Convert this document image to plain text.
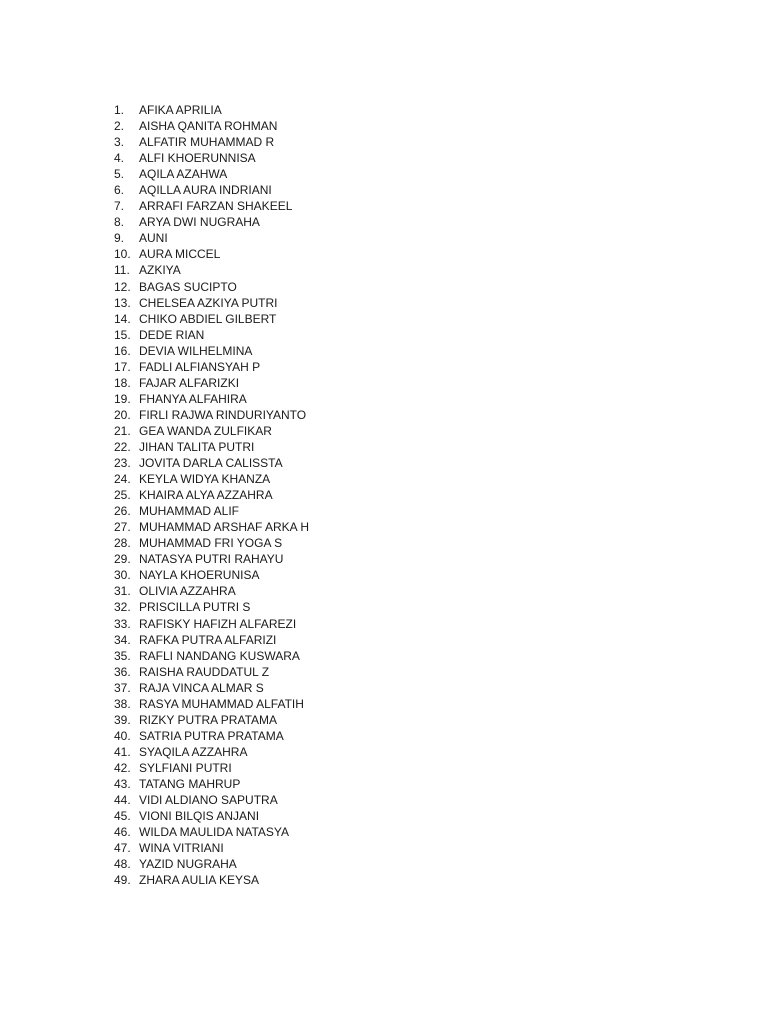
1.	AFIKA APRILIA
2.	AISHA QANITA ROHMAN
3.	ALFATIR MUHAMMAD R
4.	ALFI KHOERUNNISA
5.	AQILA AZAHWA
6.	AQILLA AURA INDRIANI
7.	ARRAFI FARZAN SHAKEEL
8.	ARYA DWI NUGRAHA
9.	AUNI
10. AURA MICCEL
11. AZKIYA
12. BAGAS SUCIPTO
13. CHELSEA AZKIYA PUTRI
14. CHIKO ABDIEL GILBERT
15. DEDE RIAN
16. DEVIA WILHELMINA
17. FADLI ALFIANSYAH P
18. FAJAR ALFARIZKI
19. FHANYA ALFAHIRA
20. FIRLI RAJWA RINDURIYANTO
21. GEA WANDA ZULFIKAR
22. JIHAN TALITA PUTRI
23. JOVITA DARLA CALISSTA
24. KEYLA WIDYA KHANZA
25. KHAIRA ALYA AZZAHRA
26. MUHAMMAD ALIF
27. MUHAMMAD ARSHAF ARKA H
28. MUHAMMAD FRI YOGA S
29. NATASYA PUTRI RAHAYU
30. NAYLA KHOERUNISA
31. OLIVIA AZZAHRA
32. PRISCILLA PUTRI S
33. RAFISKY HAFIZH ALFAREZI
34. RAFKA PUTRA ALFARIZI
35. RAFLI NANDANG KUSWARA
36. RAISHA RAUDDATUL Z
37. RAJA VINCA ALMAR S
38. RASYA MUHAMMAD ALFATIH
39. RIZKY PUTRA PRATAMA
40. SATRIA PUTRA PRATAMA
41. SYAQILA AZZAHRA
42. SYLFIANI PUTRI
43. TATANG MAHRUP
44. VIDI ALDIANO SAPUTRA
45. VIONI BILQIS ANJANI
46. WILDA MAULIDA NATASYA
47. WINA VITRIANI
48. YAZID NUGRAHA
49. ZHARA AULIA KEYSA
